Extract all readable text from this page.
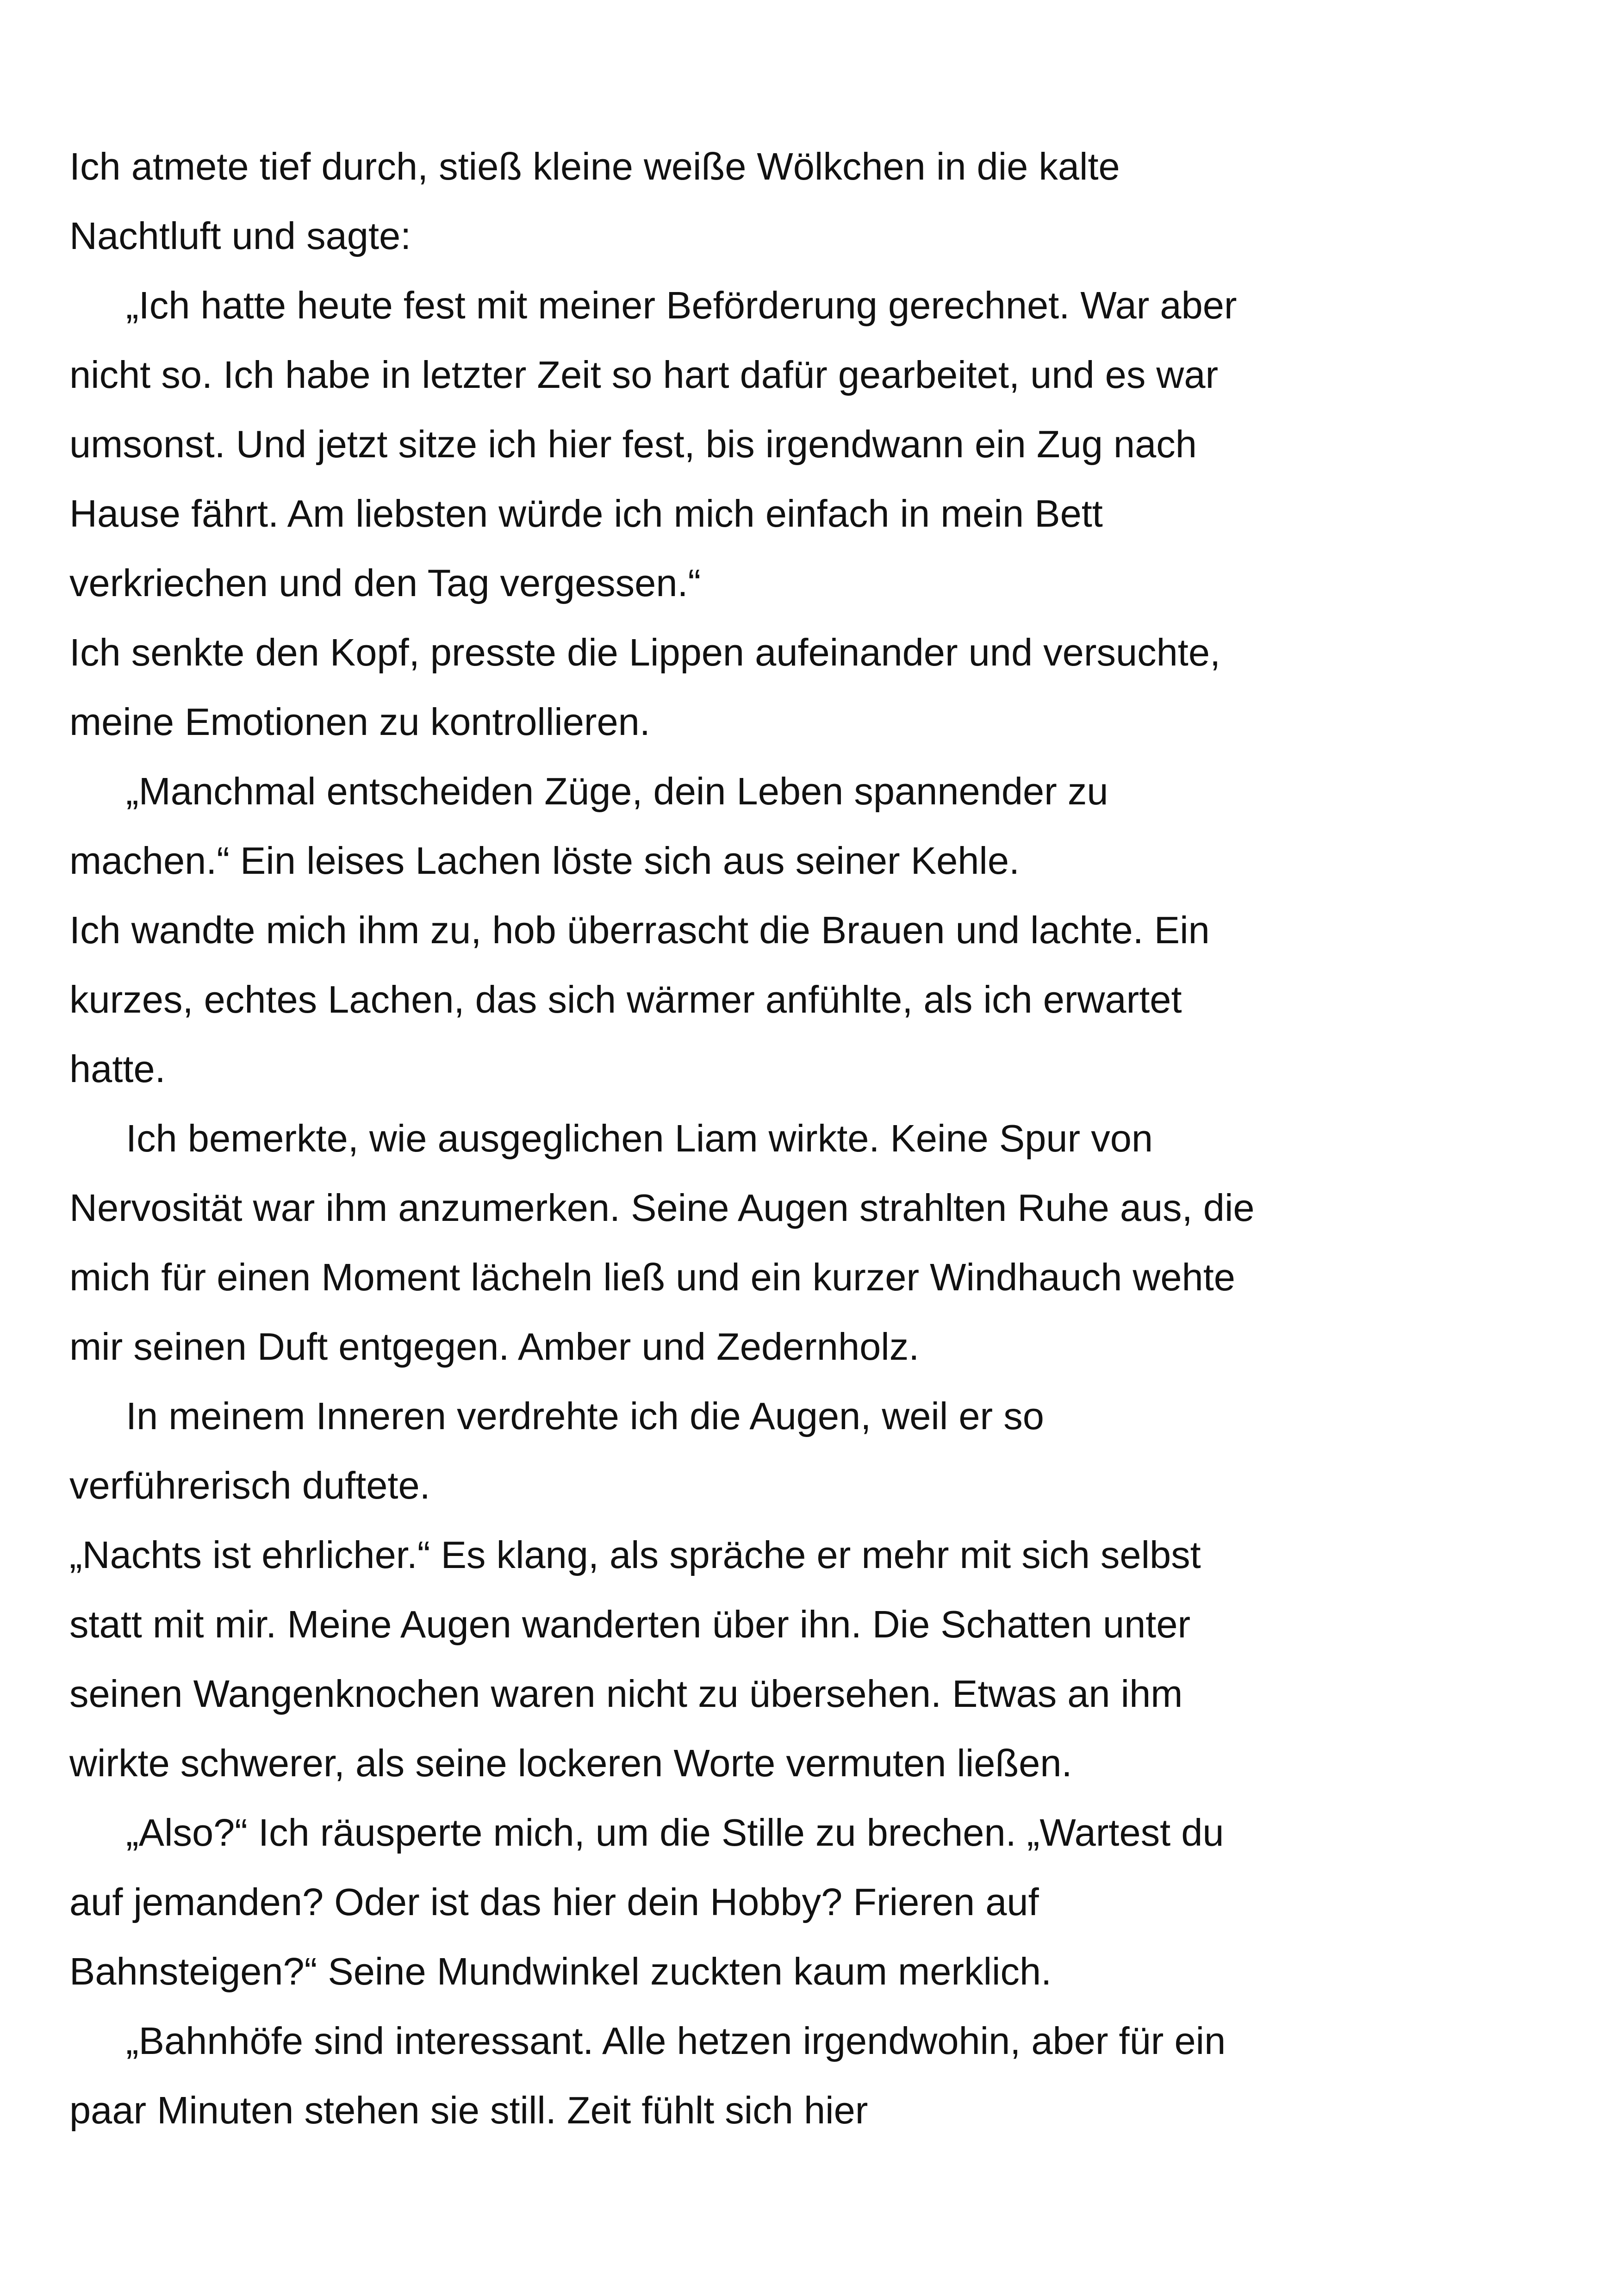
Ich atmete tief durch, stieß kleine weiße Wölkchen in die kalte
Nachtluft und sagte:

„Ich hatte heute fest mit meiner Beförderung gerechnet. War aber
nicht so. Ich habe in letzter Zeit so hart dafür gearbeitet, und es war
umsonst. Und jetzt sitze ich hier fest, bis irgendwann ein Zug nach
Hause fährt. Am liebsten würde ich mich einfach in mein Bett
verkriechen und den Tag vergessen.“

Ich senkte den Kopf, presste die Lippen aufeinander und versuchte,
meine Emotionen zu kontrollieren.

„Manchmal entscheiden Züge, dein Leben spannender zu
machen.“ Ein leises Lachen löste sich aus seiner Kehle.

Ich wandte mich ihm zu, hob überrascht die Brauen und lachte. Ein
kurzes, echtes Lachen, das sich wärmer anfühlte, als ich erwartet
hatte.

Ich bemerkte, wie ausgeglichen Liam wirkte. Keine Spur von
Nervosität war ihm anzumerken. Seine Augen strahlten Ruhe aus, die
mich für einen Moment lächeln ließ und ein kurzer Windhauch wehte
mir seinen Duft entgegen. Amber und Zedernholz.

In meinem Inneren verdrehte ich die Augen, weil er so
verführerisch duftete.

„Nachts ist ehrlicher.“ Es klang, als spräche er mehr mit sich selbst
statt mit mir. Meine Augen wanderten über ihn. Die Schatten unter
seinen Wangenknochen waren nicht zu übersehen. Etwas an ihm
wirkte schwerer, als seine lockeren Worte vermuten ließen.

„Also?“ Ich räusperte mich, um die Stille zu brechen. „Wartest du
auf jemanden? Oder ist das hier dein Hobby? Frieren auf
Bahnsteigen?“ Seine Mundwinkel zuckten kaum merklich.

„Bahnhöfe sind interessant. Alle hetzen irgendwohin, aber für ein
paar Minuten stehen sie still. Zeit fühlt sich hier
